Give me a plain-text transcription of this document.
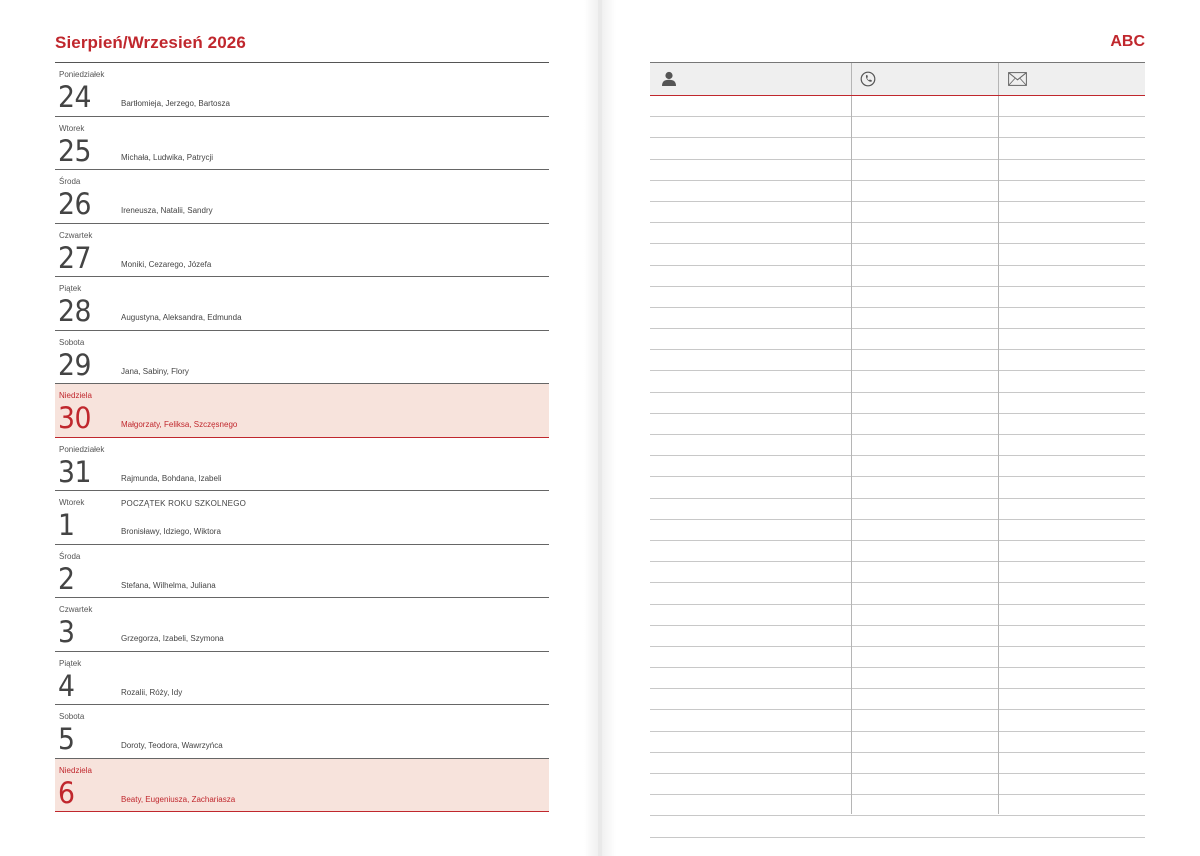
Sierpień/Wrzesień 2026
Poniedziałek
24	Bartłomieja, Jerzego, Bartosza
Wtorek
25	Michała, Ludwika, Patrycji
Środa
26	Ireneusza, Natalii, Sandry
Czwartek
27	Moniki, Cezarego, Józefa
Piątek
28	Augustyna, Aleksandra, Edmunda
Sobota
29	Jana, Sabiny, Flory
Niedziela
30	Małgorzaty, Feliksa, Szczęsnego
Poniedziałek
31	Rajmunda, Bohdana, Izabeli
Wtorek
1
POCZĄTEK ROKU SZKOLNEGO
Bronisławy, Idziego, Wiktora
Środa
2	Stefana, Wilhelma, Juliana
Czwartek
3	Grzegorza, Izabeli, Szymona
Piątek
4	Rozalii, Róży, Idy
Sobota
5	Doroty, Teodora, Wawrzyńca
Niedziela
6	Beaty, Eugeniusza, Zachariasza
ABC
